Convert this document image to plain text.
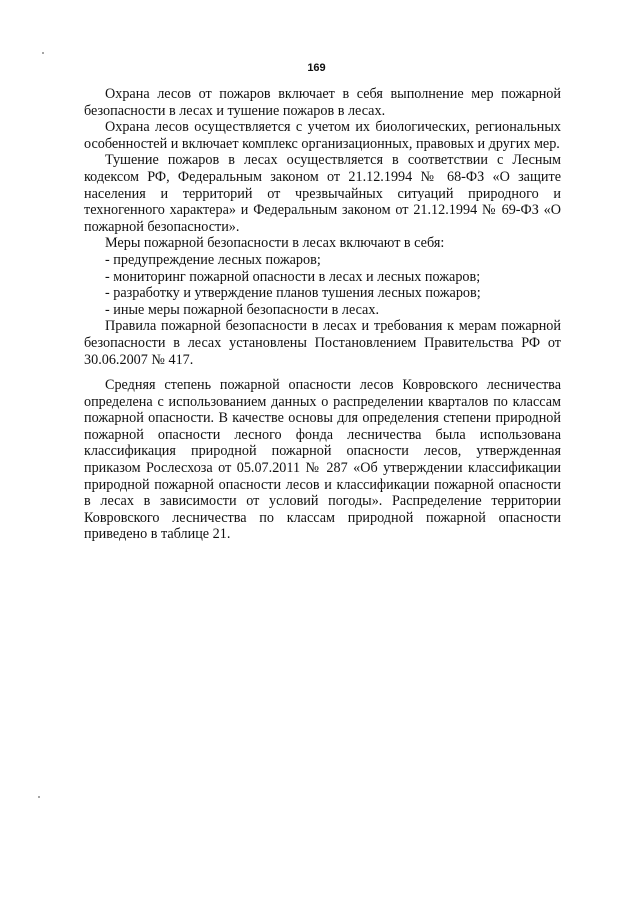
169

Охрана лесов от пожаров включает в себя выполнение мер пожарной безопасности в лесах и тушение пожаров в лесах.

Охрана лесов осуществляется с учетом их биологических, региональных особенностей и включает комплекс организационных, правовых и других мер.

Тушение пожаров в лесах осуществляется в соответствии с Лесным кодексом РФ, Федеральным законом от 21.12.1994 № 68-ФЗ «О защите населения и территорий от чрезвычайных ситуаций природного и техногенного характера» и Федеральным законом от 21.12.1994 № 69-ФЗ «О пожарной безопасности».

Меры пожарной безопасности в лесах включают в себя:

- предупреждение лесных пожаров;

- мониторинг пожарной опасности в лесах и лесных пожаров;

- разработку и утверждение планов тушения лесных пожаров;

- иные меры пожарной безопасности в лесах.

Правила пожарной безопасности в лесах и требования к мерам пожарной безопасности в лесах установлены Постановлением Правительства РФ от 30.06.2007 № 417.

Средняя степень пожарной опасности лесов Ковровского лесничества определена с использованием данных о распределении кварталов по классам пожарной опасности. В качестве основы для определения степени природной пожарной опасности лесного фонда лесничества была использована классификация природной пожарной опасности лесов, утвержденная приказом Рослесхоза от 05.07.2011 № 287 «Об утверждении классификации природной пожарной опасности лесов и классификации пожарной опасности в лесах в зависимости от условий погоды». Распределение территории Ковровского лесничества по классам природной пожарной опасности приведено в таблице 21.
